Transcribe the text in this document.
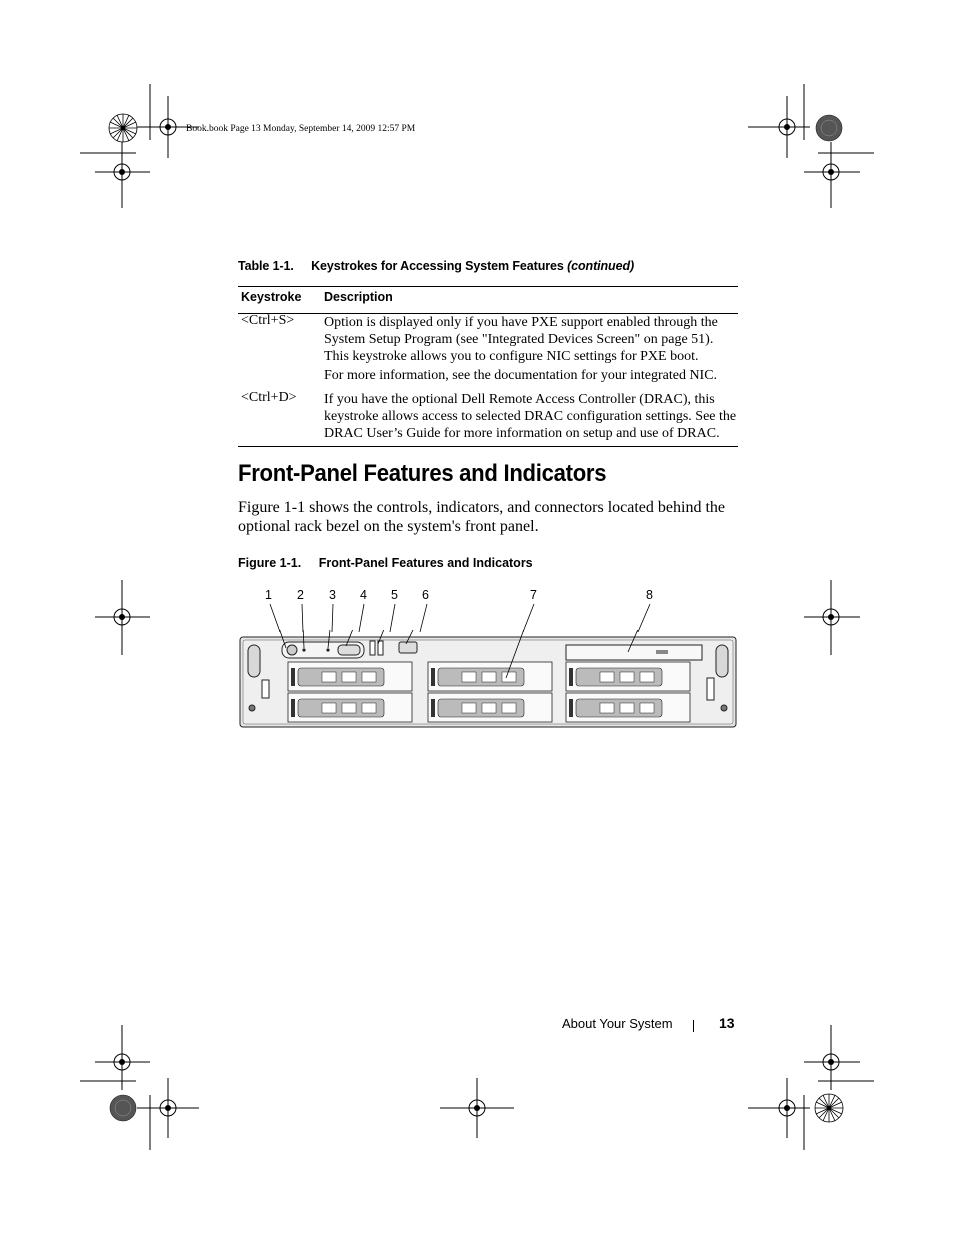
Book.book Page 13 Monday, September 14, 2009 12:57 PM
Table 1-1. Keystrokes for Accessing System Features (continued)
Keystroke Description
<Ctrl+S> Option is displayed only if you have PXE support enabled through the System Setup Program (see "Integrated Devices Screen" on page 51). This keystroke allows you to configure NIC settings for PXE boot.

For more information, see the documentation for your integrated NIC.

<Ctrl+D> If you have the optional Dell Remote Access Controller (DRAC), this keystroke allows access to selected DRAC configuration settings. See the DRAC User’s Guide for more information on setup and use of DRAC.

Front-Panel Features and Indicators
Figure 1-1 shows the controls, indicators, and connectors located behind the optional rack bezel on the system's front panel.
Figure 1-1. Front-Panel Features and Indicators
1 2 3 4 5 6	7	8
About Your System	13
